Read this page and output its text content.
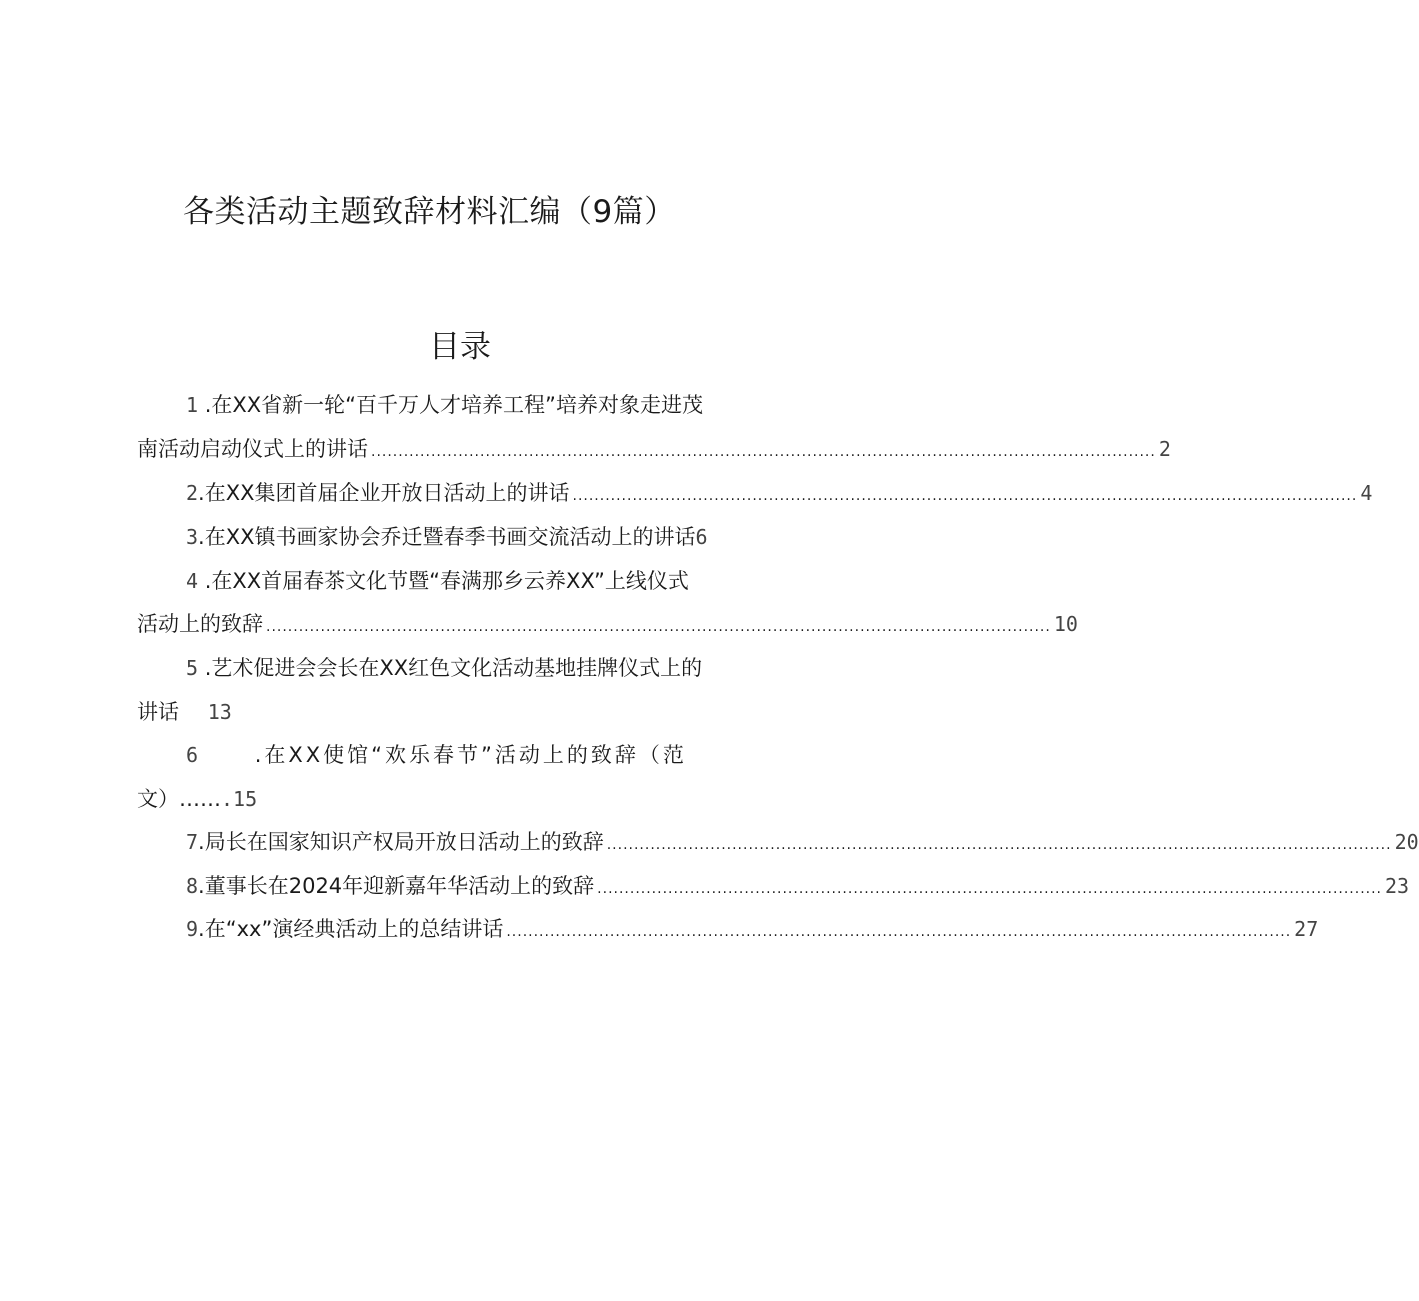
各类活动主题致辞材料汇编（9篇）
目录
1 .在XX省新一轮“百千万人才培养工程”培养对象走进茂
南活动启动仪式上的讲话 ................................................................................................................................................ 2
2 .在XX集团首届企业开放日活动上的讲话 ................................................................................................................................................ 4
3.在XX镇书画家协会乔迁暨春季书画交流活动上的讲话6
4 .在XX首届春茶文化节暨“春满那乡云养XX”上线仪式
活动上的致辞 ................................................................................................................................................ 10
5 .艺术促进会会长在XX红色文化活动基地挂牌仪式上的
讲话 13
6	.在XX使馆“欢乐春节”活动上的致辞（范
文）…….15
7 .局长在国家知识产权局开放日活动上的致辞 ................................................................................................................................................ 20
8 .董事长在2024年迎新嘉年华活动上的致辞 ................................................................................................................................................ 23
9 .在“xx”演经典活动上的总结讲话 ................................................................................................................................................ 27
